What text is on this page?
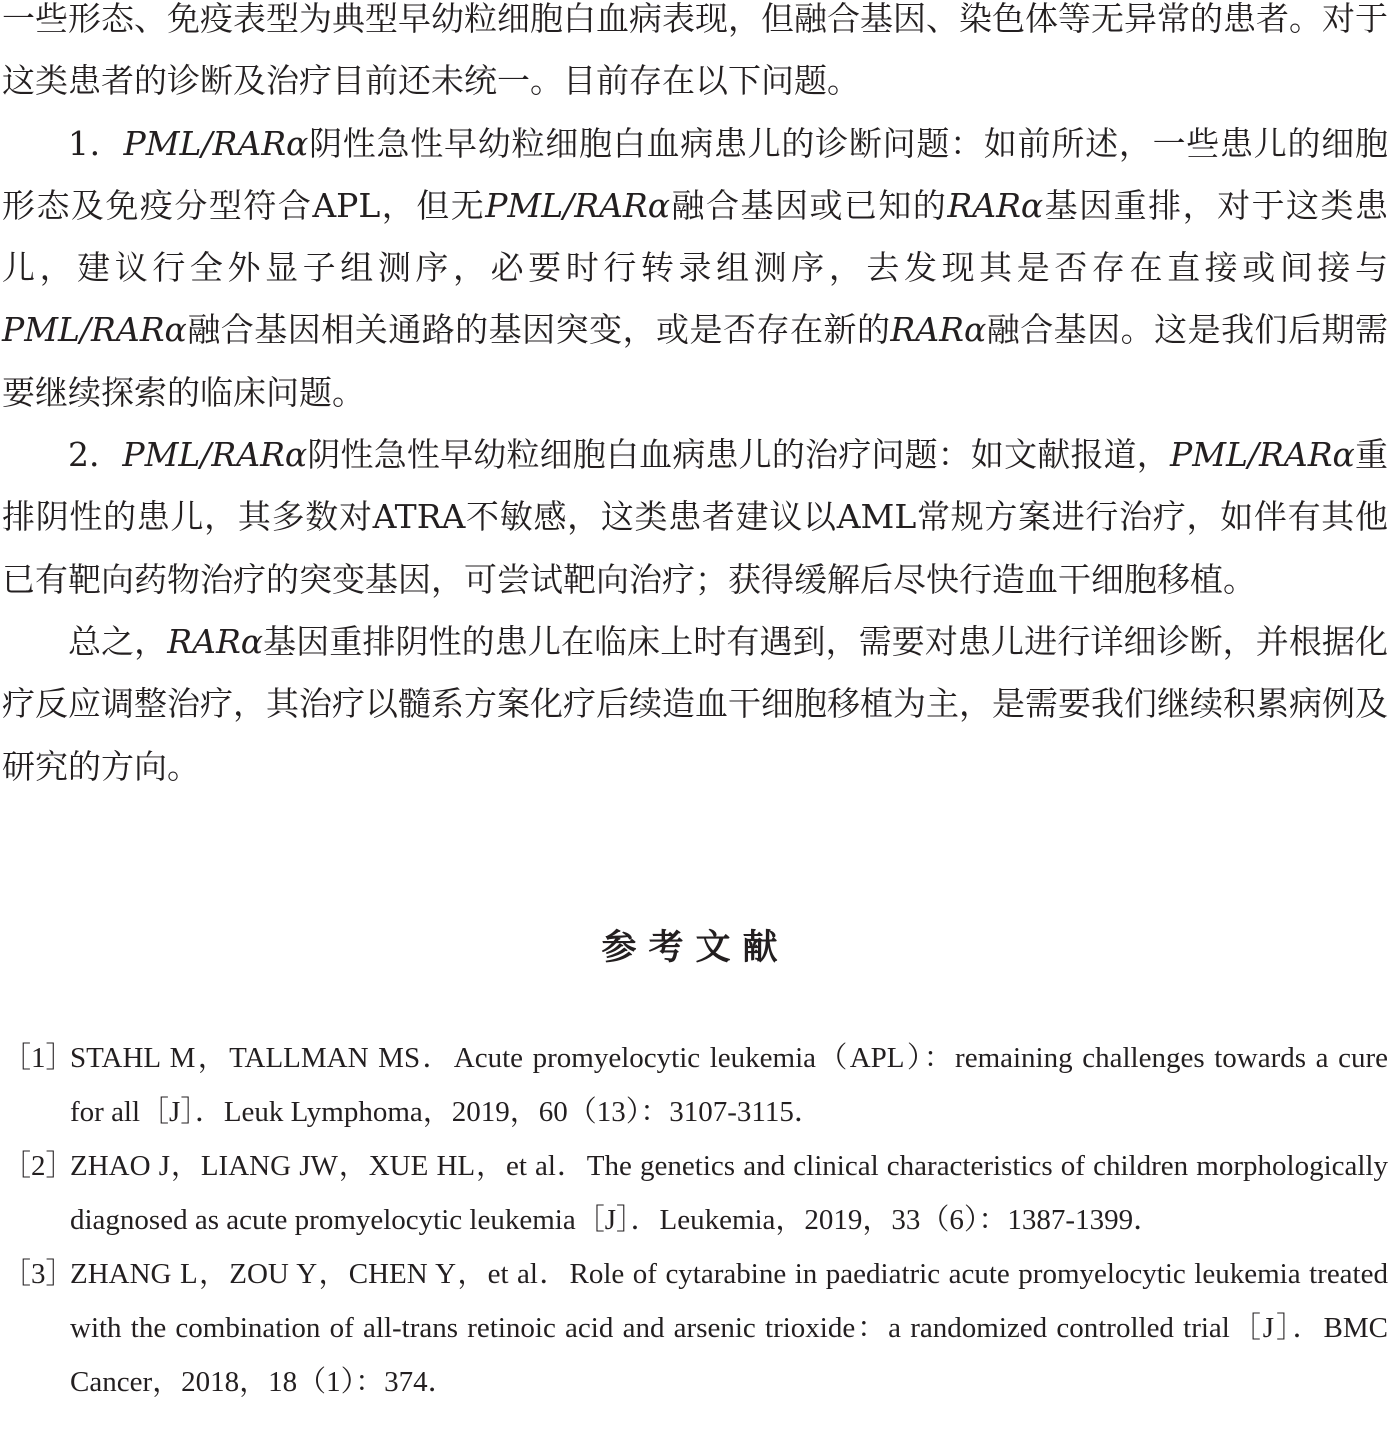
一些形态、免疫表型为典型早幼粒细胞白血病表现，但融合基因、染色体等无异常的患者。对于这类患者的诊断及治疗目前还未统一。目前存在以下问题。

1．PML/RARα阴性急性早幼粒细胞白血病患儿的诊断问题：如前所述，一些患儿的细胞形态及免疫分型符合APL，但无PML/RARα融合基因或已知的RARα基因重排，对于这类患儿，建议行全外显子组测序，必要时行转录组测序，去发现其是否存在直接或间接与PML/RARα融合基因相关通路的基因突变，或是否存在新的RARα融合基因。这是我们后期需要继续探索的临床问题。

2．PML/RARα阴性急性早幼粒细胞白血病患儿的治疗问题：如文献报道，PML/RARα重排阴性的患儿，其多数对ATRA不敏感，这类患者建议以AML常规方案进行治疗，如伴有其他已有靶向药物治疗的突变基因，可尝试靶向治疗；获得缓解后尽快行造血干细胞移植。

总之，RARα基因重排阴性的患儿在临床上时有遇到，需要对患儿进行详细诊断，并根据化疗反应调整治疗，其治疗以髓系方案化疗后续造血干细胞移植为主，是需要我们继续积累病例及研究的方向。

参考文献

［1］
STAHL M，TALLMAN MS．Acute promyelocytic leukemia（APL）：remaining challenges towards a cure for all［J］．Leuk Lymphoma，2019，60（13）：3107-3115．

［2］
ZHAO J，LIANG JW，XUE HL，et al．The genetics and clinical characteristics of children morphologically diagnosed as acute promyelocytic leukemia［J］．Leukemia，2019，33（6）：1387-1399．

［3］
ZHANG L，ZOU Y，CHEN Y，et al．Role of cytarabine in paediatric acute promyelocytic leukemia treated with the combination of all-trans retinoic acid and arsenic trioxide：a randomized controlled trial［J］．BMC Cancer，2018，18（1）：374．
